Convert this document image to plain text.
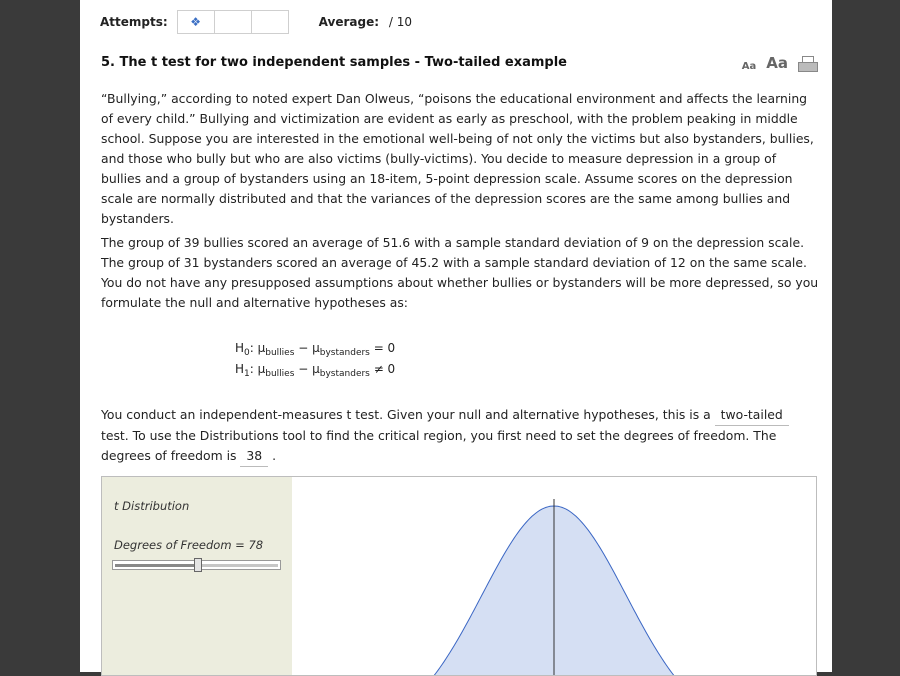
Attempts: ❖	Average: / 10
5. The t test for two independent samples - Two-tailed example	Aa Aa

“Bullying,” according to noted expert Dan Olweus, “poisons the educational environment and affects the learning of every child.” Bullying and victimization are evident as early as preschool, with the problem peaking in middle school. Suppose you are interested in the emotional well-being of not only the victims but also bystanders, bullies, and those who bully but who are also victims (bully-victims). You decide to measure depression in a group of bullies and a group of bystanders using an 18-item, 5-point depression scale. Assume scores on the depression scale are normally distributed and that the variances of the depression scores are the same among bullies and bystanders.

The group of 39 bullies scored an average of 51.6 with a sample standard deviation of 9 on the depression scale. The group of 31 bystanders scored an average of 45.2 with a sample standard deviation of 12 on the same scale. You do not have any presupposed assumptions about whether bullies or bystanders will be more depressed, so you formulate the null and alternative hypotheses as:

$H_0$: $\mu_{bullies} - \mu_{bystanders} = 0$
$H_1$: $\mu_{bullies} - \mu_{bystanders} \ne 0$

You conduct an independent-measures t test. Given your null and alternative hypotheses, this is a two-tailed test. To use the Distributions tool to find the critical region, you first need to set the degrees of freedom. The degrees of freedom is 38 .

t Distribution
Degrees of Freedom = 78
